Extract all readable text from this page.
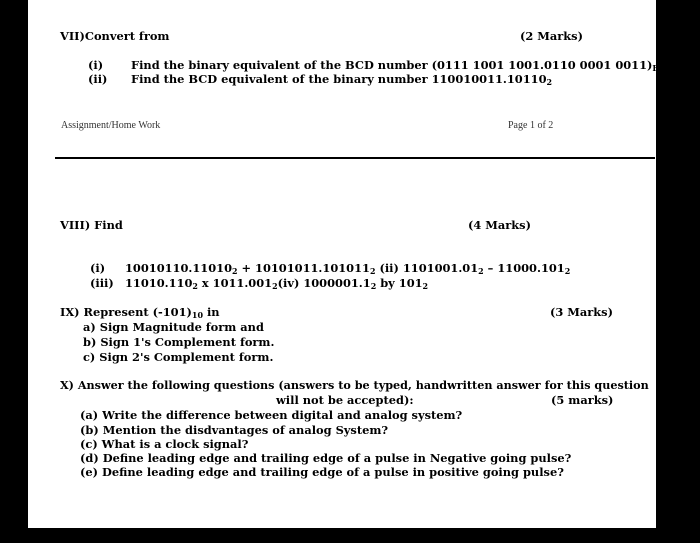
VII)Convert from	(2 Marks)
(i) Find the binary equivalent of the BCD number (0111 1001 1001.0110 0001 $0011)_{BCD}$
(ii) Find the BCD equivalent of the binary number $110010011.10110_2$
Assignment/Home Work	Page 1 of 2
VIII) Find	(4 Marks)
(i) $10010110.11010_2 + 10101011.101011_2$ (ii) $1101001.01_2 - 11000.101_2$
(iii) $11010.110_2$ x $1011.001_2(iv)$ $1000001.1_2$ by $101_2$
IX) Represent $(-101)_{10}$ in	(3 Marks)
a) Sign Magnitude form and
b) Sign 1's Complement form.
c) Sign 2's Complement form.
X) Answer the following questions (answers to be typed, handwritten answer for this question
will not be accepted):	(5 marks)
(a) Write the difference between digital and analog system?
(b) Mention the disdvantages of analog System?
(c) What is a clock signal?
(d) Define leading edge and trailing edge of a pulse in Negative going pulse?
(e) Define leading edge and trailing edge of a pulse in positive going pulse?
